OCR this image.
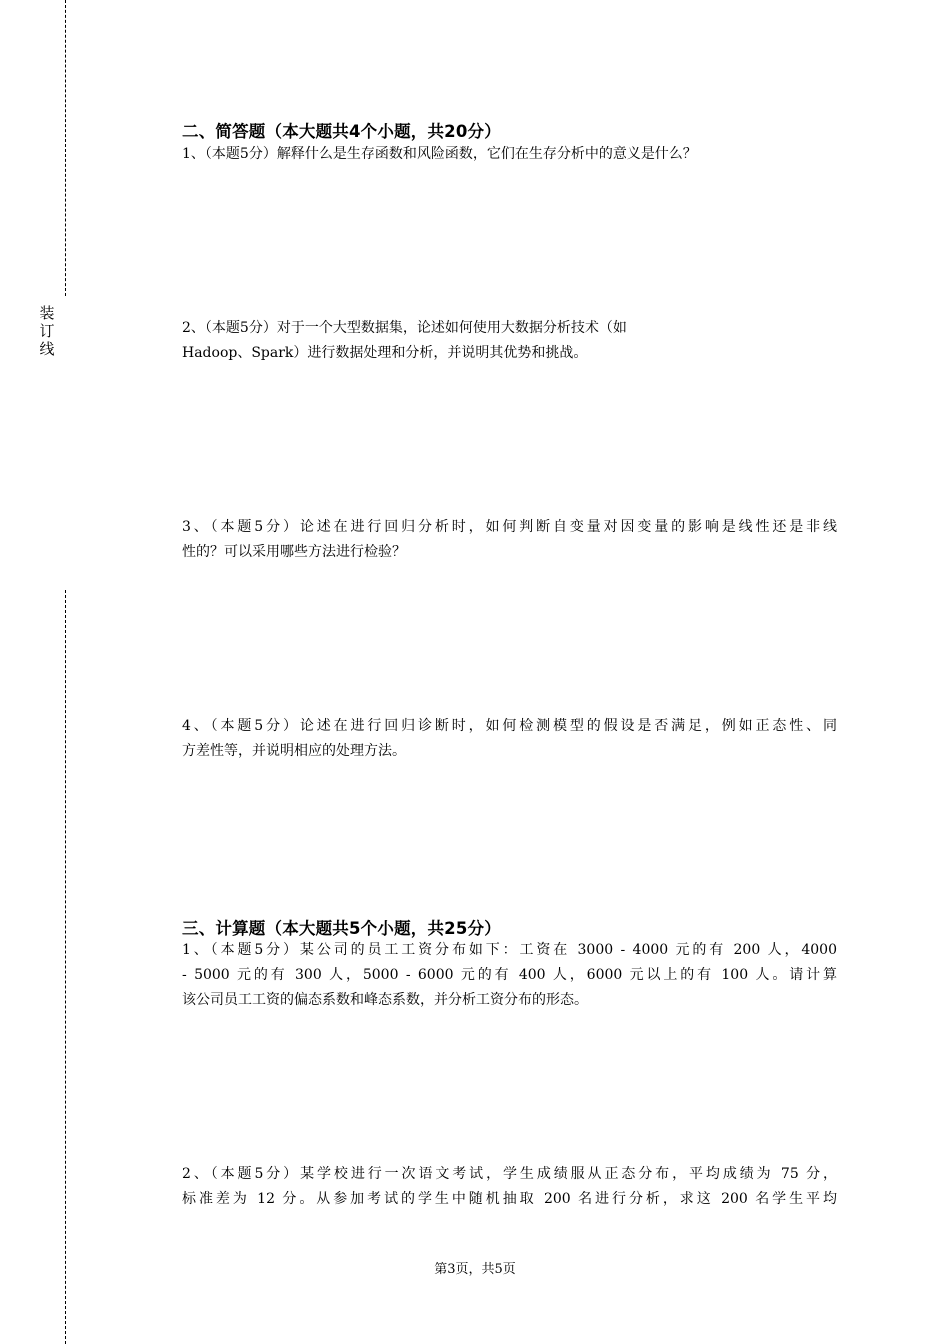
装
订
线
二、简答题（本大题共4个小题，共20分）
1、（本题5分）解释什么是生存函数和风险函数，它们在生存分析中的意义是什么？
2、（本题5分）对于一个大型数据集，论述如何使用大数据分析技术（如
Hadoop、Spark）进行数据处理和分析，并说明其优势和挑战。
3、（本题5分）论述在进行回归分析时，如何判断自变量对因变量的影响是线性还是非线
性的？可以采用哪些方法进行检验？
4、（本题5分）论述在进行回归诊断时，如何检测模型的假设是否满足，例如正态性、同
方差性等，并说明相应的处理方法。
三、计算题（本大题共5个小题，共25分）
1、（本题5分）某公司的员工工资分布如下：工资在 3000 - 4000 元的有 200 人，4000
- 5000 元的有 300 人，5000 - 6000 元的有 400 人，6000 元以上的有 100 人。请计算
该公司员工工资的偏态系数和峰态系数，并分析工资分布的形态。
2、（本题5分）某学校进行一次语文考试，学生成绩服从正态分布，平均成绩为 75 分，
标准差为 12 分。从参加考试的学生中随机抽取 200 名进行分析，求这 200 名学生平均
第3页，共5页
